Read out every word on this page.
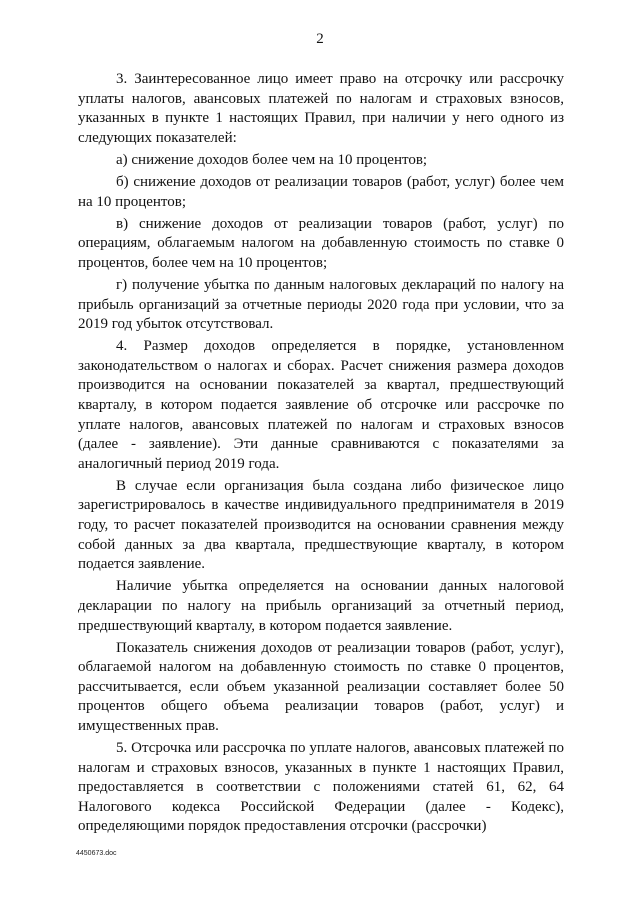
2

3. Заинтересованное лицо имеет право на отсрочку или рассрочку уплаты налогов, авансовых платежей по налогам и страховых взносов, указанных в пункте 1 настоящих Правил, при наличии у него одного из следующих показателей:

а) снижение доходов более чем на 10 процентов;

б) снижение доходов от реализации товаров (работ, услуг) более чем на 10 процентов;

в) снижение доходов от реализации товаров (работ, услуг) по операциям, облагаемым налогом на добавленную стоимость по ставке 0 процентов, более чем на 10 процентов;

г) получение убытка по данным налоговых деклараций по налогу на прибыль организаций за отчетные периоды 2020 года при условии, что за 2019 год убыток отсутствовал.

4. Размер доходов определяется в порядке, установленном законодательством о налогах и сборах. Расчет снижения размера доходов производится на основании показателей за квартал, предшествующий кварталу, в котором подается заявление об отсрочке или рассрочке по уплате налогов, авансовых платежей по налогам и страховых взносов (далее - заявление). Эти данные сравниваются с показателями за аналогичный период 2019 года.

В случае если организация была создана либо физическое лицо зарегистрировалось в качестве индивидуального предпринимателя в 2019 году, то расчет показателей производится на основании сравнения между собой данных за два квартала, предшествующие кварталу, в котором подается заявление.

Наличие убытка определяется на основании данных налоговой декларации по налогу на прибыль организаций за отчетный период, предшествующий кварталу, в котором подается заявление.

Показатель снижения доходов от реализации товаров (работ, услуг), облагаемой налогом на добавленную стоимость по ставке 0 процентов, рассчитывается, если объем указанной реализации составляет более 50 процентов общего объема реализации товаров (работ, услуг) и имущественных прав.

5. Отсрочка или рассрочка по уплате налогов, авансовых платежей по налогам и страховых взносов, указанных в пункте 1 настоящих Правил, предоставляется в соответствии с положениями статей 61, 62, 64 Налогового кодекса Российской Федерации (далее - Кодекс), определяющими порядок предоставления отсрочки (рассрочки)

4450673.doc
